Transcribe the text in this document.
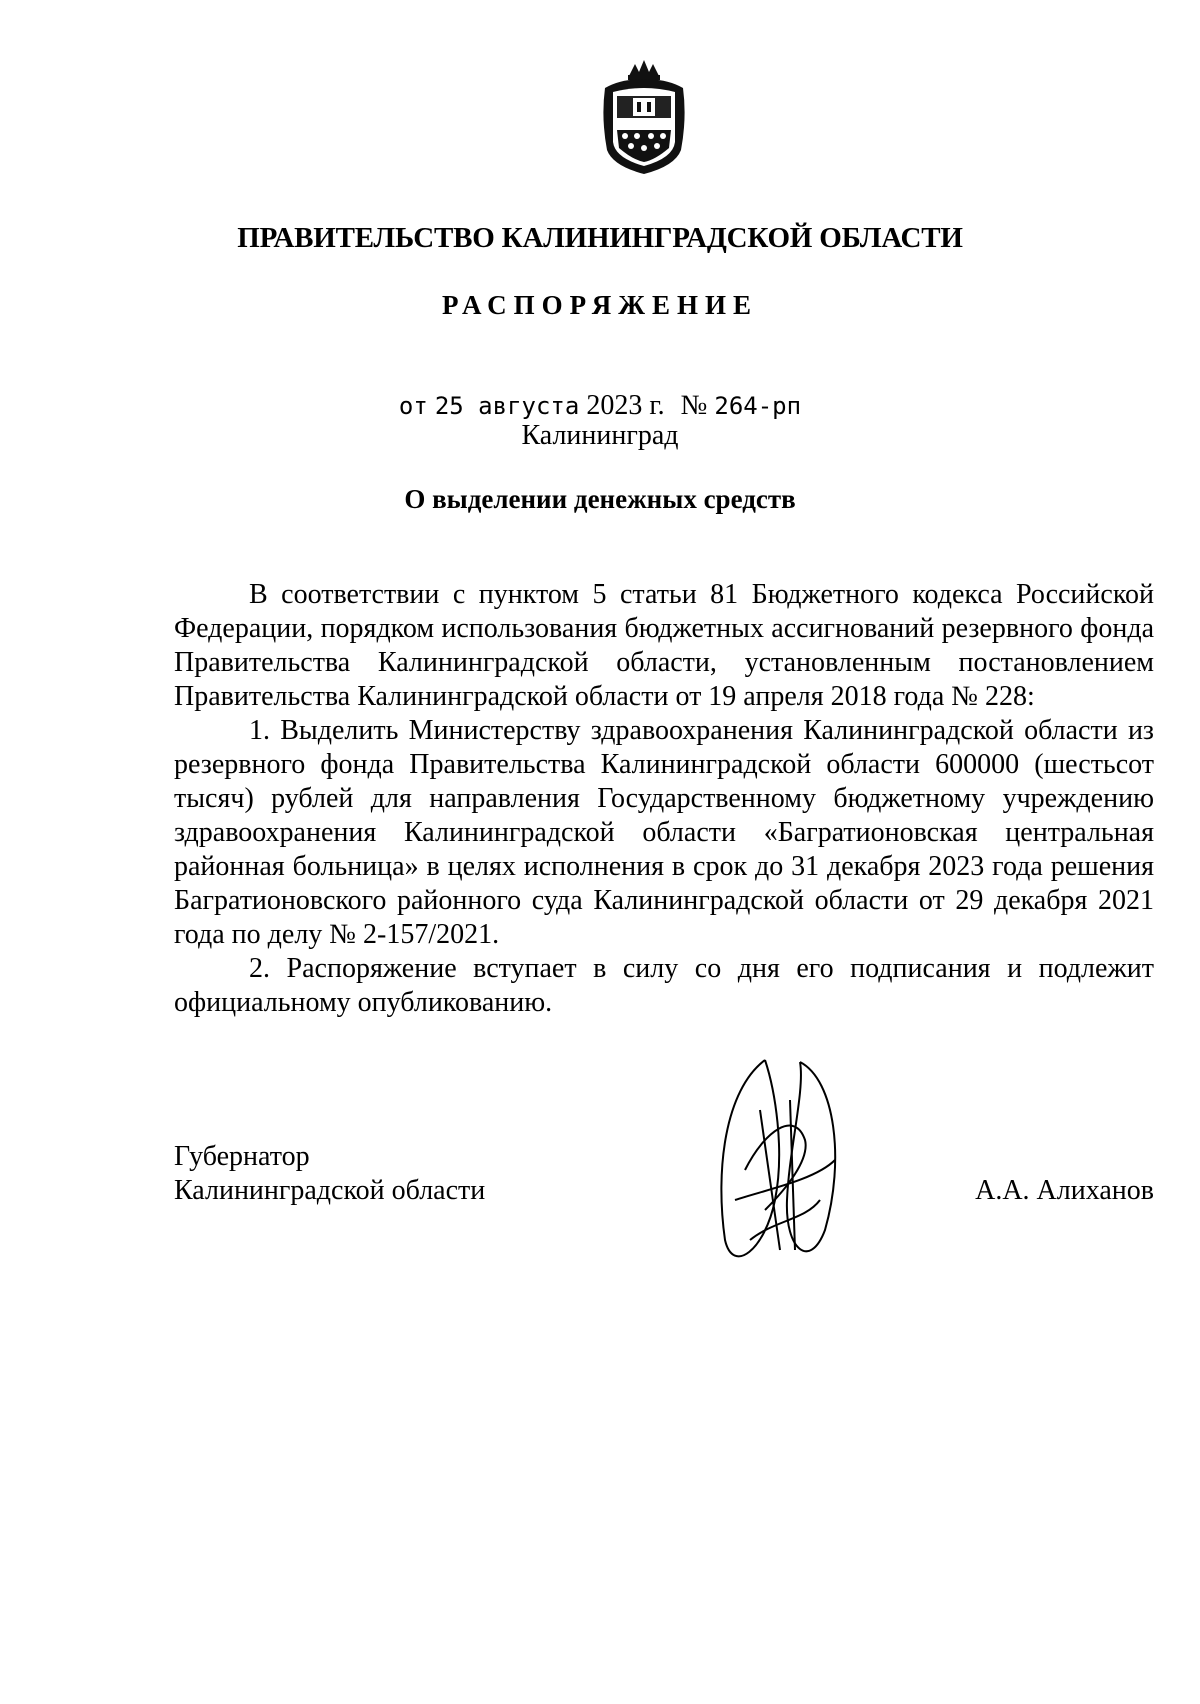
ПРАВИТЕЛЬСТВО КАЛИНИНГРАДСКОЙ ОБЛАСТИ
РАСПОРЯЖЕНИЕ
от 25 августа 2023 г. № 264-рп
Калининград
О выделении денежных средств

В соответствии с пунктом 5 статьи 81 Бюджетного кодекса Российской Федерации, порядком использования бюджетных ассигнований резервного фонда Правительства Калининградской области, установленным постановлением Правительства Калининградской области от 19 апреля 2018 года № 228:

1. Выделить Министерству здравоохранения Калининградской области из резервного фонда Правительства Калининградской области 600000 (шестьсот тысяч) рублей для направления Государственному бюджетному учреждению здравоохранения Калининградской области «Багратионовская центральная районная больница» в целях исполнения в срок до 31 декабря 2023 года решения Багратионовского районного суда Калининградской области от 29 декабря 2021 года по делу № 2-157/2021.

2. Распоряжение вступает в силу со дня его подписания и подлежит официальному опубликованию.

Губернатор
Калининградской области	А.А. Алиханов
